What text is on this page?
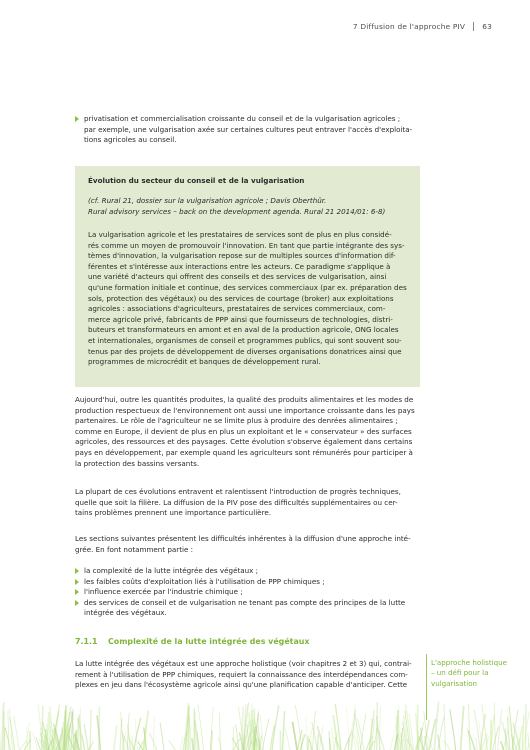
7 Diffusion de l'approche PIV 63
privatisation et commercialisation croissante du conseil et de la vulgarisation agricoles ;
par exemple, une vulgarisation axée sur certaines cultures peut entraver l'accès d'exploita-
tions agricoles au conseil.
Évolution du secteur du conseil et de la vulgarisation
(cf. Rural 21, dossier sur la vulgarisation agricole ; Davis Oberthür.
Rural advisory services – back on the development agenda. Rural 21 2014/01: 6-8)
La vulgarisation agricole et les prestataires de services sont de plus en plus considé-
rés comme un moyen de promouvoir l'innovation. En tant que partie intégrante des sys-
tèmes d'innovation, la vulgarisation repose sur de multiples sources d'information dif-
férentes et s'intéresse aux interactions entre les acteurs. Ce paradigme s'applique à
une variété d'acteurs qui offrent des conseils et des services de vulgarisation, ainsi
qu'une formation initiale et continue, des services commerciaux (par ex. préparation des
sols, protection des végétaux) ou des services de courtage (broker) aux exploitations
agricoles : associations d'agriculteurs, prestataires de services commerciaux, com-
merce agricole privé, fabricants de PPP ainsi que fournisseurs de technologies, distri-
buteurs et transformateurs en amont et en aval de la production agricole, ONG locales
et internationales, organismes de conseil et programmes publics, qui sont souvent sou-
tenus par des projets de développement de diverses organisations donatrices ainsi que
programmes de microcrédit et banques de développement rural.
Aujourd'hui, outre les quantités produites, la qualité des produits alimentaires et les modes de
production respectueux de l'environnement ont aussi une importance croissante dans les pays
partenaires. Le rôle de l'agriculteur ne se limite plus à produire des denrées alimentaires ;
comme en Europe, il devient de plus en plus un exploitant et le « conservateur » des surfaces
agricoles, des ressources et des paysages. Cette évolution s'observe également dans certains
pays en développement, par exemple quand les agriculteurs sont rémunérés pour participer à
la protection des bassins versants.
La plupart de ces évolutions entravent et ralentissent l'introduction de progrès techniques,
quelle que soit la filière. La diffusion de la PIV pose des difficultés supplémentaires ou cer-
tains problèmes prennent une importance particulière.
Les sections suivantes présentent les difficultés inhérentes à la diffusion d'une approche inté-
grée. En font notamment partie :
la complexité de la lutte intégrée des végétaux ;
les faibles coûts d'exploitation liés à l'utilisation de PPP chimiques ;
l'influence exercée par l'industrie chimique ;
des services de conseil et de vulgarisation ne tenant pas compte des principes de la lutte
intégrée des végétaux.
7.1.1 Complexité de la lutte intégrée des végétaux
La lutte intégrée des végétaux est une approche holistique (voir chapitres 2 et 3) qui, contrai-
rement à l'utilisation de PPP chimiques, requiert la connaissance des interdépendances com-
plexes en jeu dans l'écosystème agricole ainsi qu'une planification capable d'anticiper. Cette
L'approche holistique
– un défi pour la
vulgarisation
